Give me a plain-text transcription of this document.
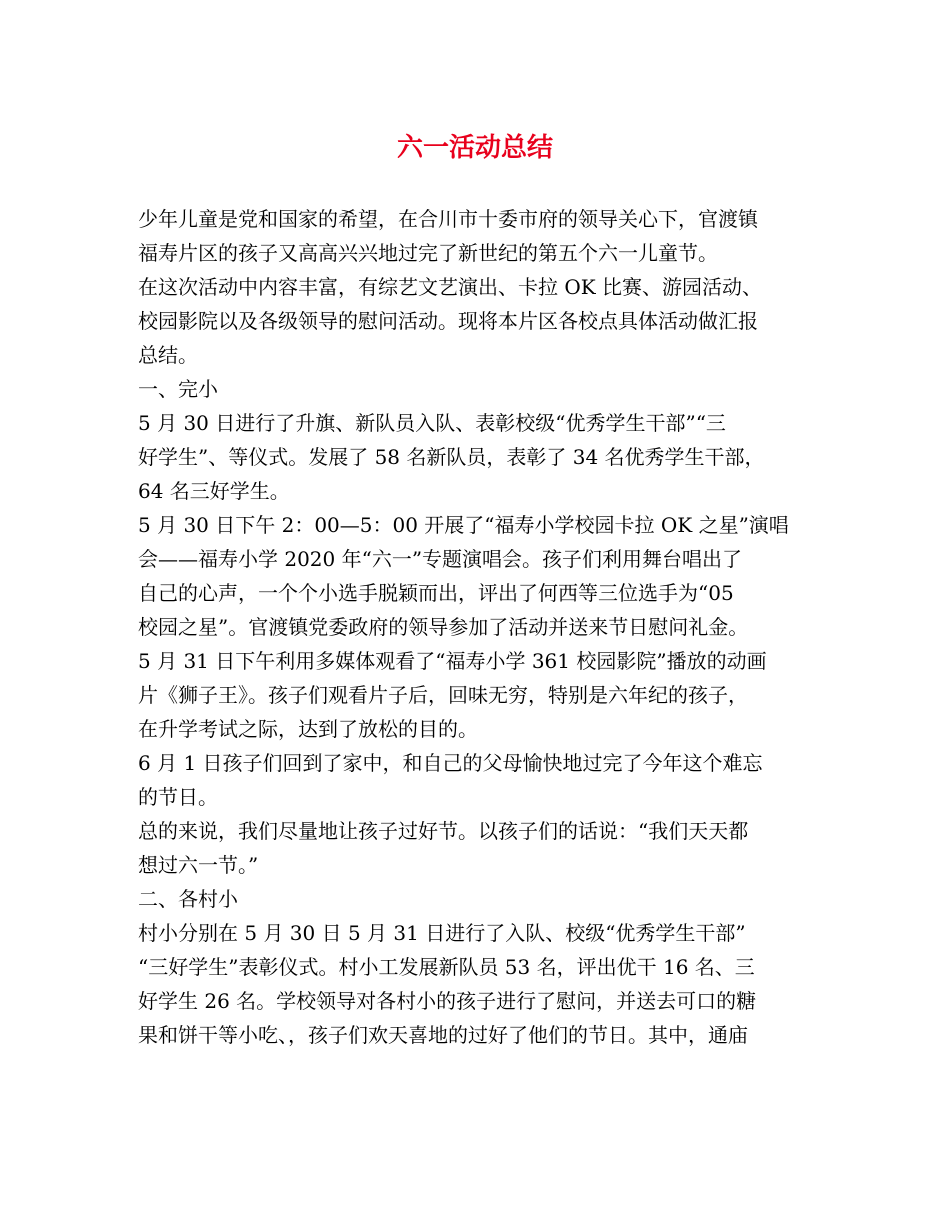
六一活动总结
少年儿童是党和国家的希望，在合川市十委市府的领导关心下，官渡镇
福寿片区的孩子又高高兴兴地过完了新世纪的第五个六一儿童节。
在这次活动中内容丰富，有综艺文艺演出、卡拉 OK 比赛、游园活动、
校园影院以及各级领导的慰问活动。现将本片区各校点具体活动做汇报
总结。
一、完小
5 月 30 日进行了升旗、新队员入队、表彰校级“优秀学生干部”“三
好学生”、等仪式。发展了 58 名新队员，表彰了 34 名优秀学生干部，
64 名三好学生。
5 月 30 日下午 2：00—5：00 开展了“福寿小学校园卡拉 OK 之星”演唱
会——福寿小学 2020 年“六一”专题演唱会。孩子们利用舞台唱出了
自己的心声，一个个小选手脱颖而出，评出了何西等三位选手为“05
校园之星”。官渡镇党委政府的领导参加了活动并送来节日慰问礼金。
5 月 31 日下午利用多媒体观看了“福寿小学 361 校园影院”播放的动画
片《狮子王》。孩子们观看片子后，回味无穷，特别是六年纪的孩子，
在升学考试之际，达到了放松的目的。
6 月 1 日孩子们回到了家中，和自己的父母愉快地过完了今年这个难忘
的节日。
总的来说，我们尽量地让孩子过好节。以孩子们的话说：“我们天天都
想过六一节。”
二、各村小
村小分别在 5 月 30 日 5 月 31 日进行了入队、校级“优秀学生干部”
“三好学生”表彰仪式。村小工发展新队员 53 名，评出优干 16 名、三
好学生 26 名。学校领导对各村小的孩子进行了慰问，并送去可口的糖
果和饼干等小吃、，孩子们欢天喜地的过好了他们的节日。其中，通庙
